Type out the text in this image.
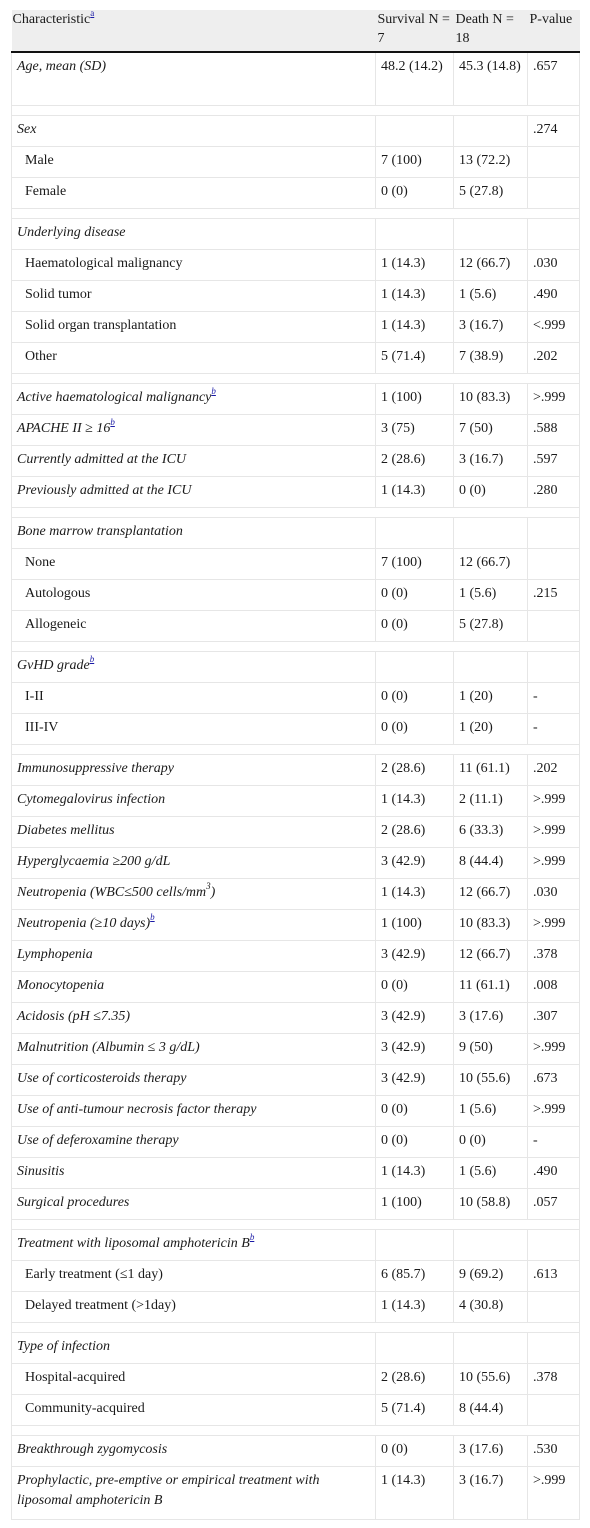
Characteristic$^a$	Survival N = 7	Death N = 18	P-value
Age, mean (SD)	48.2 (14.2)	45.3 (14.8)	.657

Sex			.274
Male	7 (100)	13 (72.2)	
Female	0 (0)	5 (27.8)	

Underlying disease			
Haematological malignancy	1 (14.3)	12 (66.7)	.030
Solid tumor	1 (14.3)	1 (5.6)	.490
Solid organ transplantation	1 (14.3)	3 (16.7)	<.999
Other	5 (71.4)	7 (38.9)	.202

Active haematological malignancy$^b$	1 (100)	10 (83.3)	>.999
APACHE II ≥ $16^b$	3 (75)	7 (50)	.588
Currently admitted at the ICU	2 (28.6)	3 (16.7)	.597
Previously admitted at the ICU	1 (14.3)	0 (0)	.280

Bone marrow transplantation			
None	7 (100)	12 (66.7)	
Autologous	0 (0)	1 (5.6)	.215
Allogeneic	0 (0)	5 (27.8)	

GvHD grade$^b$			
I-II	0 (0)	1 (20)	-
III-IV	0 (0)	1 (20)	-

Immunosuppressive therapy	2 (28.6)	11 (61.1)	.202
Cytomegalovirus infection	1 (14.3)	2 (11.1)	>.999
Diabetes mellitus	2 (28.6)	6 (33.3)	>.999
Hyperglycaemia ≥200 g/dL	3 (42.9)	8 (44.4)	>.999
Neutropenia (WBC≤500 cells/$mm^3$)	1 (14.3)	12 (66.7)	.030
Neutropenia (≥10 days)$^b$	1 (100)	10 (83.3)	>.999
Lymphopenia	3 (42.9)	12 (66.7)	.378
Monocytopenia	0 (0)	11 (61.1)	.008
Acidosis (pH ≤7.35)	3 (42.9)	3 (17.6)	.307
Malnutrition (Albumin ≤ 3 g/dL)	3 (42.9)	9 (50)	>.999
Use of corticosteroids therapy	3 (42.9)	10 (55.6)	.673
Use of anti-tumour necrosis factor therapy	0 (0)	1 (5.6)	>.999
Use of deferoxamine therapy	0 (0)	0 (0)	-
Sinusitis	1 (14.3)	1 (5.6)	.490
Surgical procedures	1 (100)	10 (58.8)	.057

Treatment with liposomal amphotericin $B^b$			
Early treatment (≤1 day)	6 (85.7)	9 (69.2)	.613
Delayed treatment (>1day)	1 (14.3)	4 (30.8)	

Type of infection			
Hospital-acquired	2 (28.6)	10 (55.6)	.378
Community-acquired	5 (71.4)	8 (44.4)	

Breakthrough zygomycosis	0 (0)	3 (17.6)	.530
Prophylactic, pre-emptive or empirical treatment with liposomal amphotericin B	1 (14.3)	3 (16.7)	>.999
